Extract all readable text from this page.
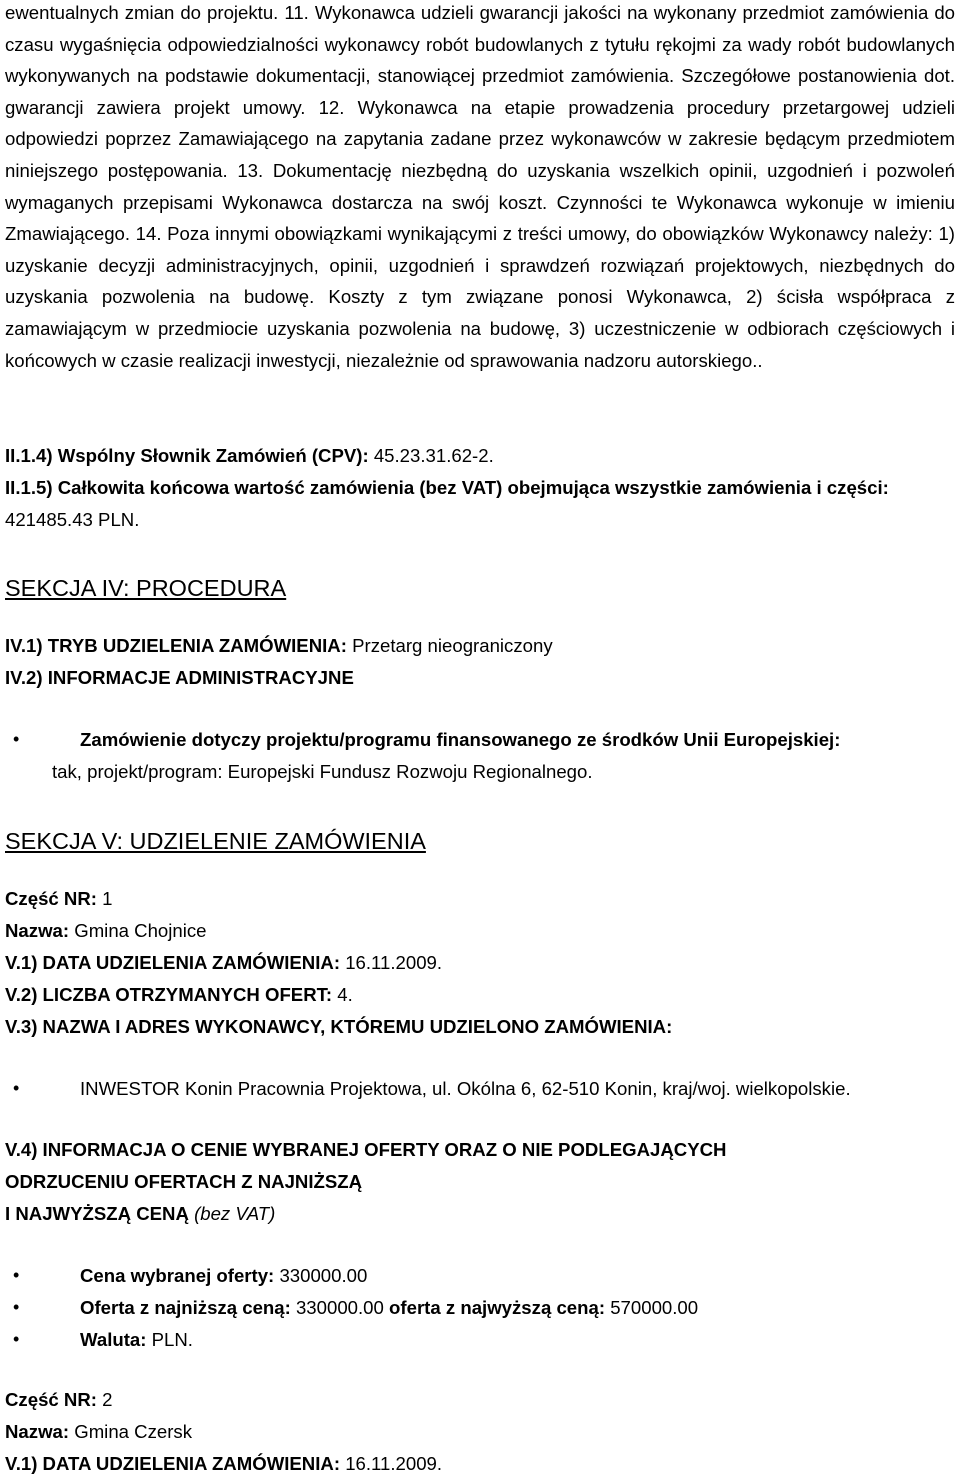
ewentualnych zmian do projektu. 11. Wykonawca udzieli gwarancji jakości na wykonany przedmiot zamówienia do czasu wygaśnięcia odpowiedzialności wykonawcy robót budowlanych z tytułu rękojmi za wady robót budowlanych wykonywanych na podstawie dokumentacji, stanowiącej przedmiot zamówienia. Szczegółowe postanowienia dot. gwarancji zawiera projekt umowy. 12. Wykonawca na etapie prowadzenia procedury przetargowej udzieli odpowiedzi poprzez Zamawiającego na zapytania zadane przez wykonawców w zakresie będącym przedmiotem niniejszego postępowania. 13. Dokumentację niezbędną do uzyskania wszelkich opinii, uzgodnień i pozwoleń wymaganych przepisami Wykonawca dostarcza na swój koszt. Czynności te Wykonawca wykonuje w imieniu Zmawiającego. 14. Poza innymi obowiązkami wynikającymi z treści umowy, do obowiązków Wykonawcy należy: 1) uzyskanie decyzji administracyjnych, opinii, uzgodnień i sprawdzeń rozwiązań projektowych, niezbędnych do uzyskania pozwolenia na budowę. Koszty z tym związane ponosi Wykonawca, 2) ścisła współpraca z zamawiającym w przedmiocie uzyskania pozwolenia na budowę, 3) uczestniczenie w odbiorach częściowych i końcowych w czasie realizacji inwestycji, niezależnie od sprawowania nadzoru autorskiego..

II.1.4) Wspólny Słownik Zamówień (CPV): 45.23.31.62-2.

II.1.5) Całkowita końcowa wartość zamówienia (bez VAT) obejmująca wszystkie zamówienia i części: 421485.43 PLN.

SEKCJA IV: PROCEDURA

IV.1) TRYB UDZIELENIA ZAMÓWIENIA: Przetarg nieograniczony

IV.2) INFORMACJE ADMINISTRACYJNE

• Zamówienie dotyczy projektu/programu finansowanego ze środków Unii Europejskiej:

tak, projekt/program: Europejski Fundusz Rozwoju Regionalnego.

SEKCJA V: UDZIELENIE ZAMÓWIENIA

Część NR: 1

Nazwa: Gmina Chojnice

V.1) DATA UDZIELENIA ZAMÓWIENIA: 16.11.2009.

V.2) LICZBA OTRZYMANYCH OFERT: 4.

V.3) NAZWA I ADRES WYKONAWCY, KTÓREMU UDZIELONO ZAMÓWIENIA:

• INWESTOR Konin Pracownia Projektowa, ul. Okólna 6, 62-510 Konin, kraj/woj. wielkopolskie.

V.4) INFORMACJA O CENIE WYBRANEJ OFERTY ORAZ O NIE PODLEGAJĄCYCH

ODRZUCENIU OFERTACH Z NAJNIŻSZĄ

I NAJWYŻSZĄ CENĄ (bez VAT)

• Cena wybranej oferty: 330000.00

• Oferta z najniższą ceną: 330000.00 oferta z najwyższą ceną: 570000.00

• Waluta: PLN.

Część NR: 2

Nazwa: Gmina Czersk

V.1) DATA UDZIELENIA ZAMÓWIENIA: 16.11.2009.
